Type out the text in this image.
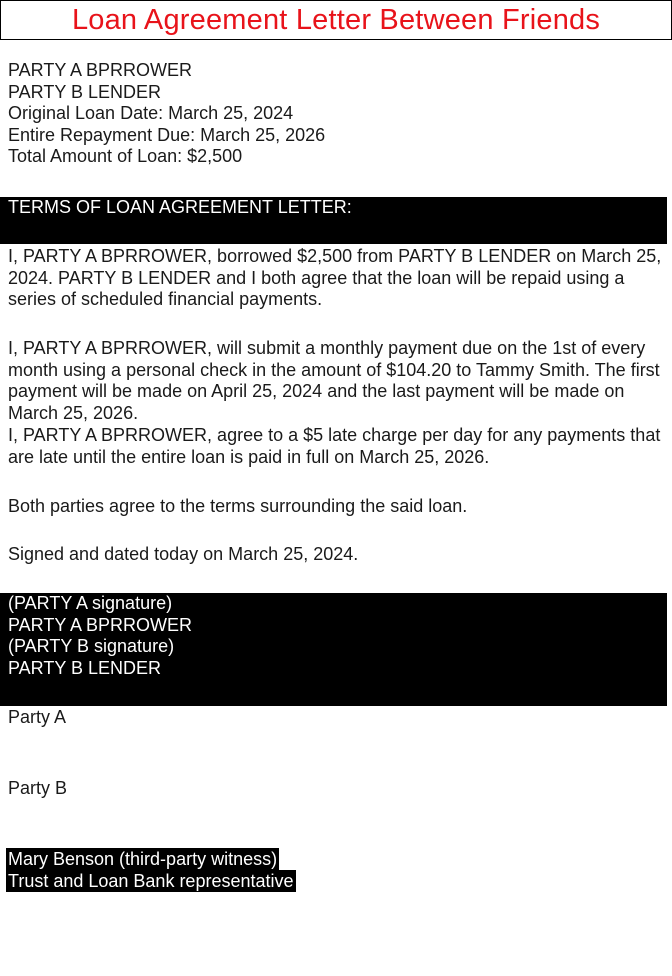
Loan Agreement Letter Between Friends
PARTY A BPRROWER
PARTY B LENDER
Original Loan Date: March 25, 2024
Entire Repayment Due: March 25, 2026
Total Amount of Loan: $2,500
TERMS OF LOAN AGREEMENT LETTER:
I, PARTY A BPRROWER, borrowed $2,500 from PARTY B LENDER on March 25, 2024. PARTY B LENDER and I both agree that the loan will be repaid using a series of scheduled financial payments.
I, PARTY A BPRROWER, will submit a monthly payment due on the 1st of every month using a personal check in the amount of $104.20 to Tammy Smith. The first payment will be made on April 25, 2024 and the last payment will be made on March 25, 2026.
I, PARTY A BPRROWER, agree to a $5 late charge per day for any payments that are late until the entire loan is paid in full on March 25, 2026.
Both parties agree to the terms surrounding the said loan.
Signed and dated today on March 25, 2024.
(PARTY A signature)
PARTY A BPRROWER
(PARTY B signature)
PARTY B LENDER
Party A
Party B
Mary Benson (third-party witness)
Trust and Loan Bank representative
